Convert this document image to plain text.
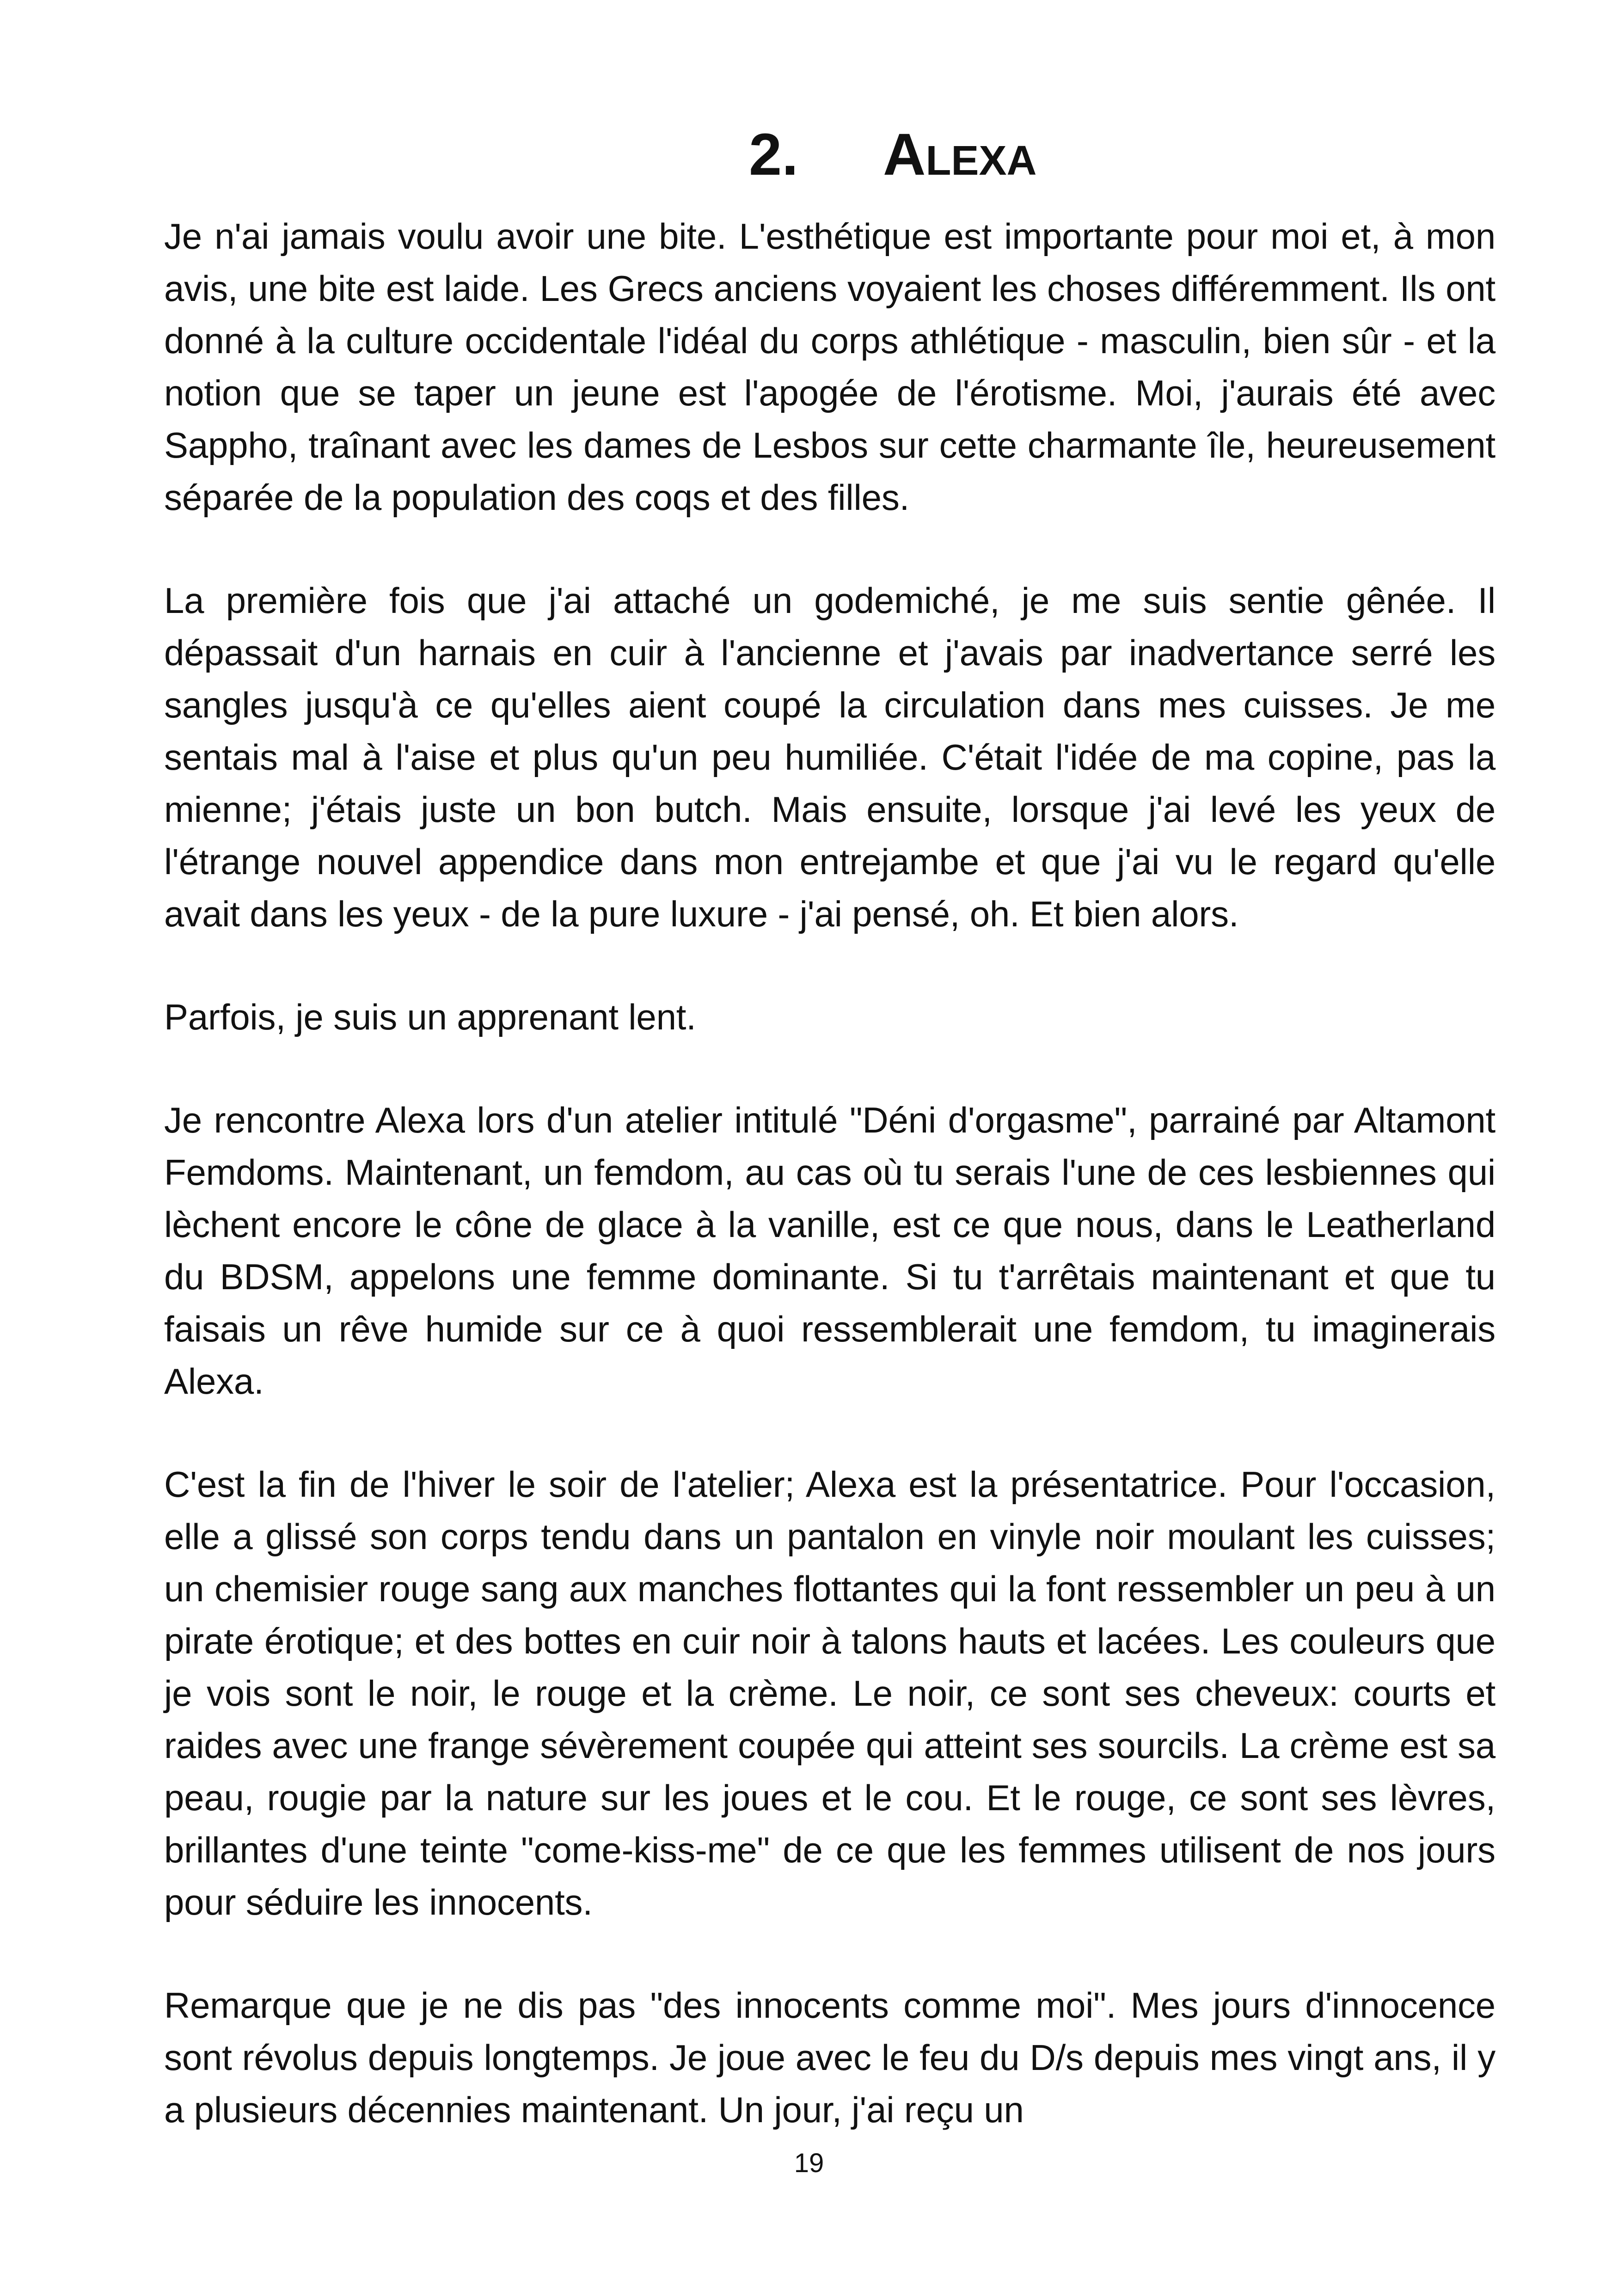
2. Alexa

Je n'ai jamais voulu avoir une bite. L'esthétique est importante pour moi et, à mon avis, une bite est laide. Les Grecs anciens voyaient les choses différemment. Ils ont donné à la culture occidentale l'idéal du corps athlétique - masculin, bien sûr - et la notion que se taper un jeune est l'apogée de l'érotisme. Moi, j'aurais été avec Sappho, traînant avec les dames de Lesbos sur cette charmante île, heureusement séparée de la population des coqs et des filles.

La première fois que j'ai attaché un godemiché, je me suis sentie gênée. Il dépassait d'un harnais en cuir à l'ancienne et j'avais par inadvertance serré les sangles jusqu'à ce qu'elles aient coupé la circulation dans mes cuisses. Je me sentais mal à l'aise et plus qu'un peu humiliée. C'était l'idée de ma copine, pas la mienne; j'étais juste un bon butch. Mais ensuite, lorsque j'ai levé les yeux de l'étrange nouvel appendice dans mon entrejambe et que j'ai vu le regard qu'elle avait dans les yeux - de la pure luxure - j'ai pensé, oh. Et bien alors.

Parfois, je suis un apprenant lent.

Je rencontre Alexa lors d'un atelier intitulé "Déni d'orgasme", parrainé par Altamont Femdoms. Maintenant, un femdom, au cas où tu serais l'une de ces lesbiennes qui lèchent encore le cône de glace à la vanille, est ce que nous, dans le Leatherland du BDSM, appelons une femme dominante. Si tu t'arrêtais maintenant et que tu faisais un rêve humide sur ce à quoi ressemblerait une femdom, tu imaginerais Alexa.

C'est la fin de l'hiver le soir de l'atelier; Alexa est la présentatrice. Pour l'occasion, elle a glissé son corps tendu dans un pantalon en vinyle noir moulant les cuisses; un chemisier rouge sang aux manches flottantes qui la font ressembler un peu à un pirate érotique; et des bottes en cuir noir à talons hauts et lacées. Les couleurs que je vois sont le noir, le rouge et la crème. Le noir, ce sont ses cheveux: courts et raides avec une frange sévèrement coupée qui atteint ses sourcils. La crème est sa peau, rougie par la nature sur les joues et le cou. Et le rouge, ce sont ses lèvres, brillantes d'une teinte "come-kiss-me" de ce que les femmes utilisent de nos jours pour séduire les innocents.

Remarque que je ne dis pas "des innocents comme moi". Mes jours d'innocence sont révolus depuis longtemps. Je joue avec le feu du D/s depuis mes vingt ans, il y a plusieurs décennies maintenant. Un jour, j'ai reçu un

19
